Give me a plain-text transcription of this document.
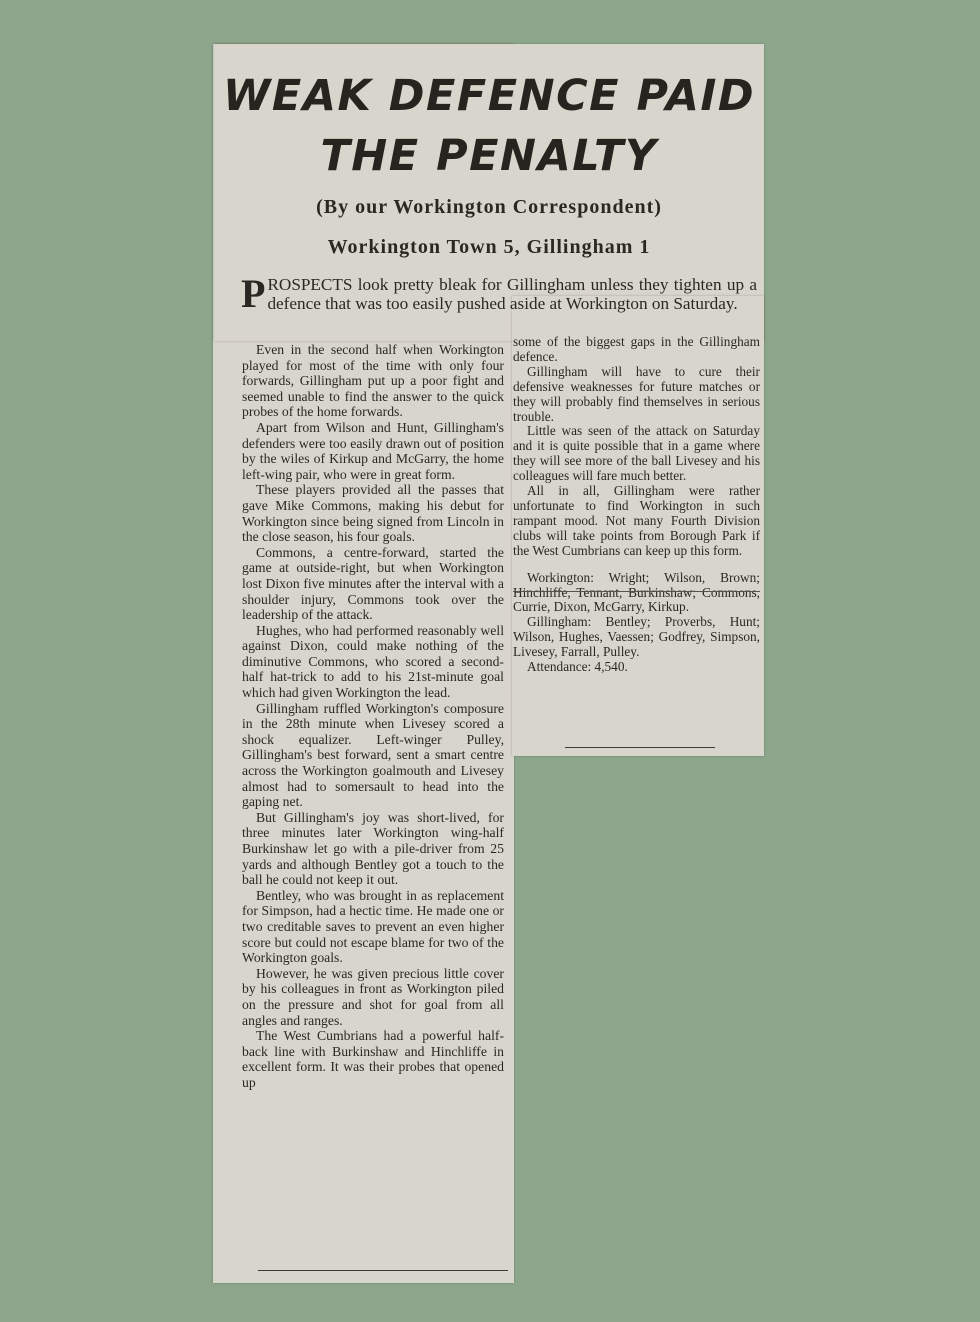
WEAK DEFENCE PAID
THE PENALTY
(By our Workington Correspondent)
Workington Town 5, Gillingham 1
P ROSPECTS look pretty bleak for Gillingham unless they tighten up a defence that was too easily pushed aside at Workington on Saturday.

Even in the second half when Workington played for most of the time with only four forwards, Gillingham put up a poor fight and seemed unable to find the answer to the quick probes of the home forwards.

Apart from Wilson and Hunt, Gillingham's defenders were too easily drawn out of position by the wiles of Kirkup and McGarry, the home left-wing pair, who were in great form.

These players provided all the passes that gave Mike Commons, making his debut for Workington since being signed from Lincoln in the close season, his four goals.

Commons, a centre-forward, started the game at outside-right, but when Workington lost Dixon five minutes after the interval with a shoulder injury, Commons took over the leadership of the attack.

Hughes, who had performed reasonably well against Dixon, could make nothing of the diminutive Commons, who scored a second-half hat-trick to add to his 21st-minute goal which had given Workington the lead.

Gillingham ruffled Workington's composure in the 28th minute when Livesey scored a shock equalizer. Left-winger Pulley, Gillingham's best forward, sent a smart centre across the Workington goalmouth and Livesey almost had to somersault to head into the gaping net.

But Gillingham's joy was short-lived, for three minutes later Workington wing-half Burkinshaw let go with a pile-driver from 25 yards and although Bentley got a touch to the ball he could not keep it out.

Bentley, who was brought in as replacement for Simpson, had a hectic time. He made one or two creditable saves to prevent an even higher score but could not escape blame for two of the Workington goals.

However, he was given precious little cover by his colleagues in front as Workington piled on the pressure and shot for goal from all angles and ranges.

The West Cumbrians had a powerful half-back line with Burkinshaw and Hinchliffe in excellent form. It was their probes that opened up

some of the biggest gaps in the Gillingham defence.

Gillingham will have to cure their defensive weaknesses for future matches or they will probably find themselves in serious trouble.

Little was seen of the attack on Saturday and it is quite possible that in a game where they will see more of the ball Livesey and his colleagues will fare much better.

All in all, Gillingham were rather unfortunate to find Workington in such rampant mood. Not many Fourth Division clubs will take points from Borough Park if the West Cumbrians can keep up this form.

Workington: Wright; Wilson, Brown; Hinchliffe, Tennant, Burkinshaw; Commons, Currie, Dixon, McGarry, Kirkup.

Gillingham: Bentley; Proverbs, Hunt; Wilson, Hughes, Vaessen; Godfrey, Simpson, Livesey, Farrall, Pulley.

Attendance: 4,540.
